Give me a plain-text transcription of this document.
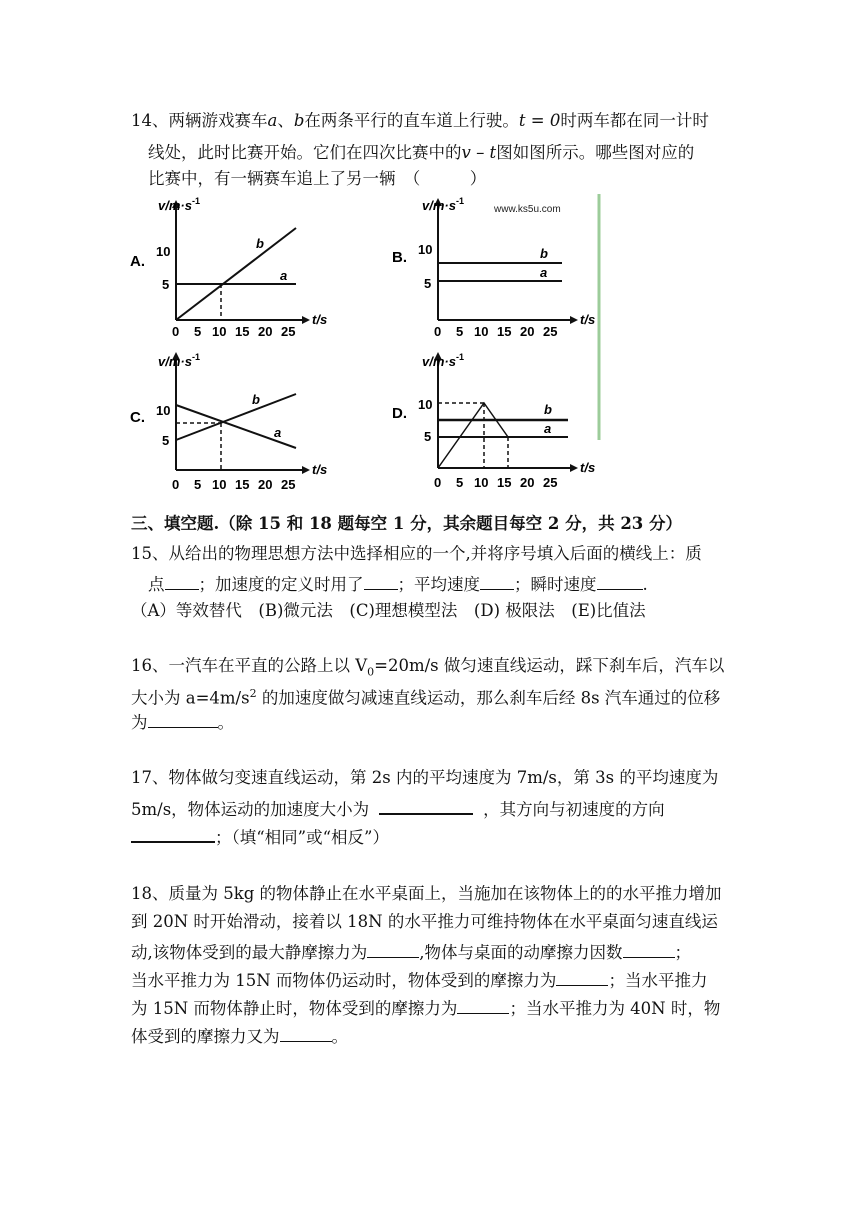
14、两辆游戏赛车a、b在两条平行的直车道上行驶。t = 0时两车都在同一计时
线处，此时比赛开始。它们在四次比赛中的v – t图如图所示。哪些图对应的
比赛中，有一辆赛车追上了另一辆　（　　　）
www.ks5u.com
A.
$v/m\cdot s^{-1}$
t/s
10
5
0 5 10 15 20 25
b
a
B.
$v/m\cdot s^{-1}$
t/s
10
5
0 5 10 15 20 25
b
a
C.
$v/m\cdot s^{-1}$
t/s
10
5
0 5 10 15 20 25
b
a
D.
$v/m\cdot s^{-1}$
t/s
10
5
0 5 10 15 20 25
b
a
三、填空题.（除 15 和 18 题每空 1 分，其余题目每空 2 分，共 23 分）
15、从给出的物理思想方法中选择相应的一个,并将序号填入后面的横线上：质
点 ；加速度的定义时用了 ；平均速度 ；瞬时速度	.
（A）等效替代　(B)微元法　(C)理想模型法　(D) 极限法　(E)比值法
16、一汽车在平直的公路上以 $V_0=20m/s$ 做匀速直线运动，踩下刹车后，汽车以
大小为 $a=4m/s^2$ 的加速度做匀减速直线运动，那么刹车后经 8s 汽车通过的位移
为	。
17、物体做匀变速直线运动，第 2s 内的平均速度为 7m/s，第 3s 的平均速度为
5m/s，物体运动的加速度大小为	，其方向与初速度的方向
；（填“相同”或“相反”）
18、质量为 5kg 的物体静止在水平桌面上，当施加在该物体上的的水平推力增加
到 20N 时开始滑动，接着以 18N 的水平推力可维持物体在水平桌面匀速直线运
动,该物体受到的最大静摩擦力为	,物体与桌面的动摩擦力因数	；
当水平推力为 15N 而物体仍运动时，物体受到的摩擦力为	；当水平推力
为 15N 而物体静止时，物体受到的摩擦力为	；当水平推力为 40N 时，物
体受到的摩擦力又为	。
